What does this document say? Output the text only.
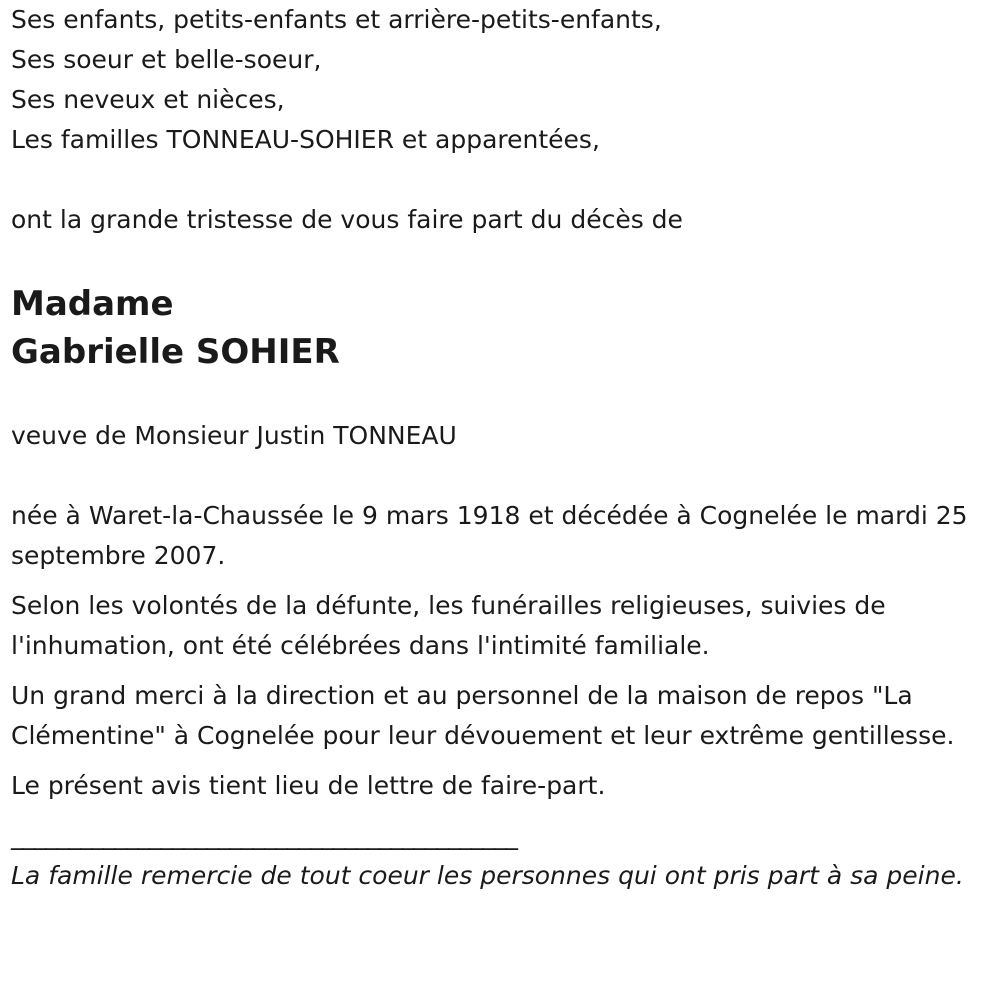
Ses enfants, petits-enfants et arrière-petits-enfants,

Ses soeur et belle-soeur,

Ses neveux et nièces,

Les familles TONNEAU-SOHIER et apparentées,

ont la grande tristesse de vous faire part du décès de

Madame

Gabrielle SOHIER

veuve de Monsieur Justin TONNEAU

née à Waret-la-Chaussée le 9 mars 1918 et décédée à Cognelée le mardi 25 septembre 2007.

Selon les volontés de la défunte, les funérailles religieuses, suivies de l'inhumation, ont été célébrées dans l'intimité familiale.

Un grand merci à la direction et au personnel de la maison de repos "La Clémentine" à Cognelée pour leur dévouement et leur extrême gentillesse.

Le présent avis tient lieu de lettre de faire-part.

____________________________________________

La famille remercie de tout coeur les personnes qui ont pris part à sa peine.
